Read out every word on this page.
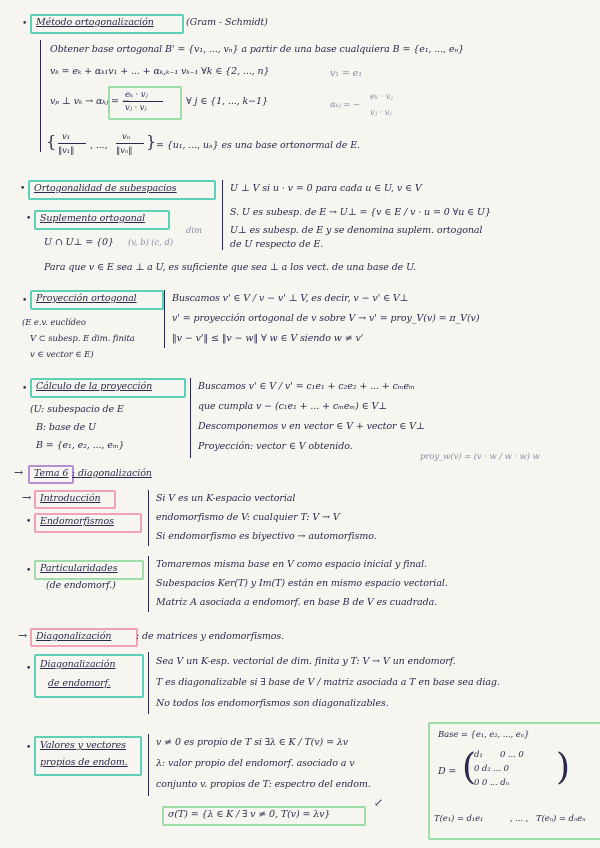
• Método ortogonalización	(Gram - Schmidt)
Obtener base ortogonal B' = {v₁, ..., vₙ} a partir de una base cualquiera B = {e₁, ..., eₙ}
vₖ = eₖ + αₖ₁v₁ + ... + αₖ,ₖ₋₁ vₖ₋₁ ∀k ∈ {2, ..., n}	v₁ = e₁
vₚ ⊥ vₖ → αₖⱼ = −
eₖ · vⱼ
vⱼ · vⱼ
∀ j ∈ {1, ..., k−1}	αₖⱼ = −
eₖ · vⱼ
vⱼ · vⱼ
{ v₁
‖v₁‖ , ...,
vₙ
‖vₙ‖ } = {u₁, ..., uₙ} es una base ortonormal de E.
• Ortogonalidad de subespacios	U ⊥ V si u · v = 0 para cada u ∈ U, v ∈ V
• Suplemento ortogonal
S. U es subesp. de E → U⊥ = {v ∈ E / v · u = 0 ∀u ∈ U}
U⊥ es subesp. de E y se denomina suplem. ortogonal
de U respecto de E.
U ∩ U⊥ = {0} (v, b) (c, d)
dim
Para que v ∈ E sea ⊥ a U, es suficiente que sea ⊥ a los vect. de una base de U.
• Proyección ortogonal	Buscamos v' ∈ V / v − v' ⊥ V, es decir, v − v' ∈ V⊥
v' = proyección ortogonal de v sobre V → v' = proy_V(v) = π_V(v)
‖v − v'‖ ≤ ‖v − w‖ ∀ w ∈ V siendo w ≠ v'
(E e.v. euclídeo
V ⊂ subesp. E dim. finita
v ∈ vector ∈ E)
• Cálculo de la proyección	Buscamos v' ∈ V / v' = c₁e₁ + c₂e₂ + ... + cₘeₘ
que cumpla v − (c₁e₁ + ... + cₘeₘ) ∈ V⊥
Descomponemos v en vector ∈ V + vector ∈ V⊥
Proyección: vector ∈ V obtenido.
(U: subespacio de E
B: base de U
B = {e₁, e₂, ..., eₘ}
proy_w(v) = (v · w / w · w) w
→ Tema 6 : diagonalización
→ Introducción	Si V es un K-espacio vectorial
• Endomorfismos	endomorfismo de V: cualquier T: V → V
Si endomorfismo es biyectivo → automorfismo.
• Particularidades
(de endomorf.)
Tomaremos misma base en V como espacio inicial y final.
Subespacios Ker(T) y Im(T) están en mismo espacio vectorial.
Matriz A asociada a endomorf. en base B de V es cuadrada.
→ Diagonalización	: de matrices y endomorfismos.
• Diagonalización
de endomorf.
Sea V un K-esp. vectorial de dim. finita y T: V → V un endomorf.
T es diagonalizable si ∃ base de V / matriz asociada a T en base sea diag.
No todos los endomorfismos son diagonalizables.
• Valores y vectores
propios de endom.
v ≠ 0 es propio de T si ∃λ ∈ K / T(v) = λv
λ: valor propio del endomorf. asociado a v
conjunto v. propios de T: espectro del endom.
↙
σ(T) = {λ ∈ K / ∃ v ≠ 0, T(v) = λv}
Base = {e₁, e₂, ..., eₙ}
D = (
d₁ 0 ... 0
0 d₂ ... 0
0 0 ... dₙ )
T(e₁) = d₁e₁	, ... , T(eₙ) = dₙeₙ
